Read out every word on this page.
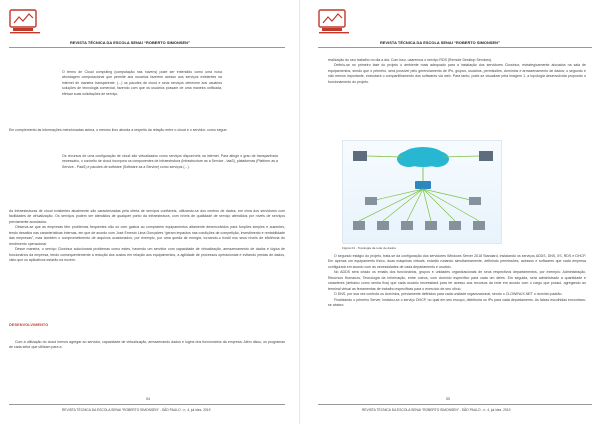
REVISTA TÉCNICA DA ESCOLA SENAI “ROBERTO SIMONSEN”
O termo de Cloud computing (computação nas nuvens) pode ser entendido como uma nova abordagem computacional que permite aos usuários fazerem acesso aos serviços existentes na internet de maneira transparente. (...) os pacotes de cloud e seus serviços oferecem aos usuários soluções de tecnologia comercial, fazendo com que os usuários possam de uma maneira unificada, efetuar suas solicitações de serviço.

Em complemento às informações mencionadas acima, o mesmo livro aborda a respeito da relação entre o cloud e o servidor, como segue:

Os recursos de uma configuração de cloud são virtualizados como serviços disponíveis na internet. Para atingir o grau de transparência necessário, o conceito de cloud incorpora os componentes de Infraestrutura (Infrastructure as a Service - IaaS), plataformas (Platform as a Service - PaaS) e pacotes de software (Software as a Service) como serviços (...).

As infraestruturas de cloud existentes atualmente são caracterizadas pela oferta de serviços confiáveis, utilizando-se dos centros de dados, em cima dos servidores com facilidades de virtualização. Os serviços podem ser atendidos de qualquer ponto da infraestrutura, com níveis de qualidade de serviço atendidos por níveis de serviços previamente acordados.

Observa-se que as empresas têm problemas frequentes não só com gastos ao comprarem equipamentos altamente desenvolvidos para funções simples e ausentes, tendo desafios nas características internas, em que de acordo com José Ernesto Lima Gonçalves “geram impactos nas condições de competição, investimento e rentabilidade das empresas”, mas também o comprometimento de arquivos ocasionados, por exemplo, por uma queda de energia, tornando-o hostil nos seus níveis de eficiência do rendimento operacional.

Desse maneira, o serviço Clowinux solucionará problemas como estes, havendo um servidor com capacidade de virtualização, armazenamento de dados e lógica de funcionários da empresa, tendo consequentemente a redução dos custos em relação aos equipamentos, a agilidade de processos operacionais e evitando perdas de dados, visto que os aplicativos estarão na nuvem.

DESENVOLVIMENTO
Com a utilização do cloud iremos agregar ao servidor, capacidade de virtualização, armazenando dados e logins dos funcionários da empresa. Além disso, os programas de cada setor que utilizam para a
54
REVISTA TÉCNICA DA ESCOLA SENAI “ROBERTO SIMONSEN” - SÃO PAULO - n. 4, jul./dez. 2019
REVISTA TÉCNICA DA ESCOLA SENAI “ROBERTO SIMONSEN”

realização do seu trabalho no dia a dia. Com isso, usaremos o serviço RDS (Remote Desktop Services).

Definiu-se no primeiro fase do projeto o ambiente mais adequado para a instalação dos servidores Clowinux, estrategicamente alocados na sala de equipamentos, sendo que o primeiro, será possível pelo gerenciamento de IPs, grupos, usuários, permissões, domínios e armazenamento de dados; o segundo e não menos importante, executará o compartilhamento dos softwares via web. Para tanto, pode-se visualizar pela imagem 1, a topologia desenvolvida propondo o funcionamento do projeto.

Figura 01 - Topologia da rede de dados

O segundo estágio do projeto, trata-se da configuração dos servidores Windows Server 2018 Standard, instalando os serviços ADDS, DNS, IIS, RDS e DHCP. Em apenas um equipamento físico, duas máquinas virtuais, estarão rodando simultaneamente, definindo permissões, acessos e softwares que cada empresa configurará em acordo com as necessidades de cada departamento e usuário.

No ADDS será criado os emails dos funcionários, grupos e unidades organizacionais de seus respectivos departamentos, por exemplo: Administração, Recursos Humanos, Tecnologia da Informação, entre outros, com domínio específico para cada um deles. Em seguida, será administrado a quantidade e caracteres (debaixo como senha fixa) que cada usuário necessitará para ter acesso aos recursos da rede em acordo com o cargo que possui, agregando ao terminal virtual as ferramentas de trabalho específicas para o exercício de seu ofício.

O DNS, por sua vez controla os domínios, previamente definidos para cada unidade organizacional, sendo o CLOWINUX.NET o domínio padrão.

Finalizando o primeiro Server, instalou-se o serviço DHCP, no qual em seu escopo, distribuirá os IPs para cada departamento. As faixas escolhidas encontram-se abaixo:

55
REVISTA TÉCNICA DA ESCOLA SENAI “ROBERTO SIMONSEN” - SÃO PAULO - n. 4, jul./dez. 2019
